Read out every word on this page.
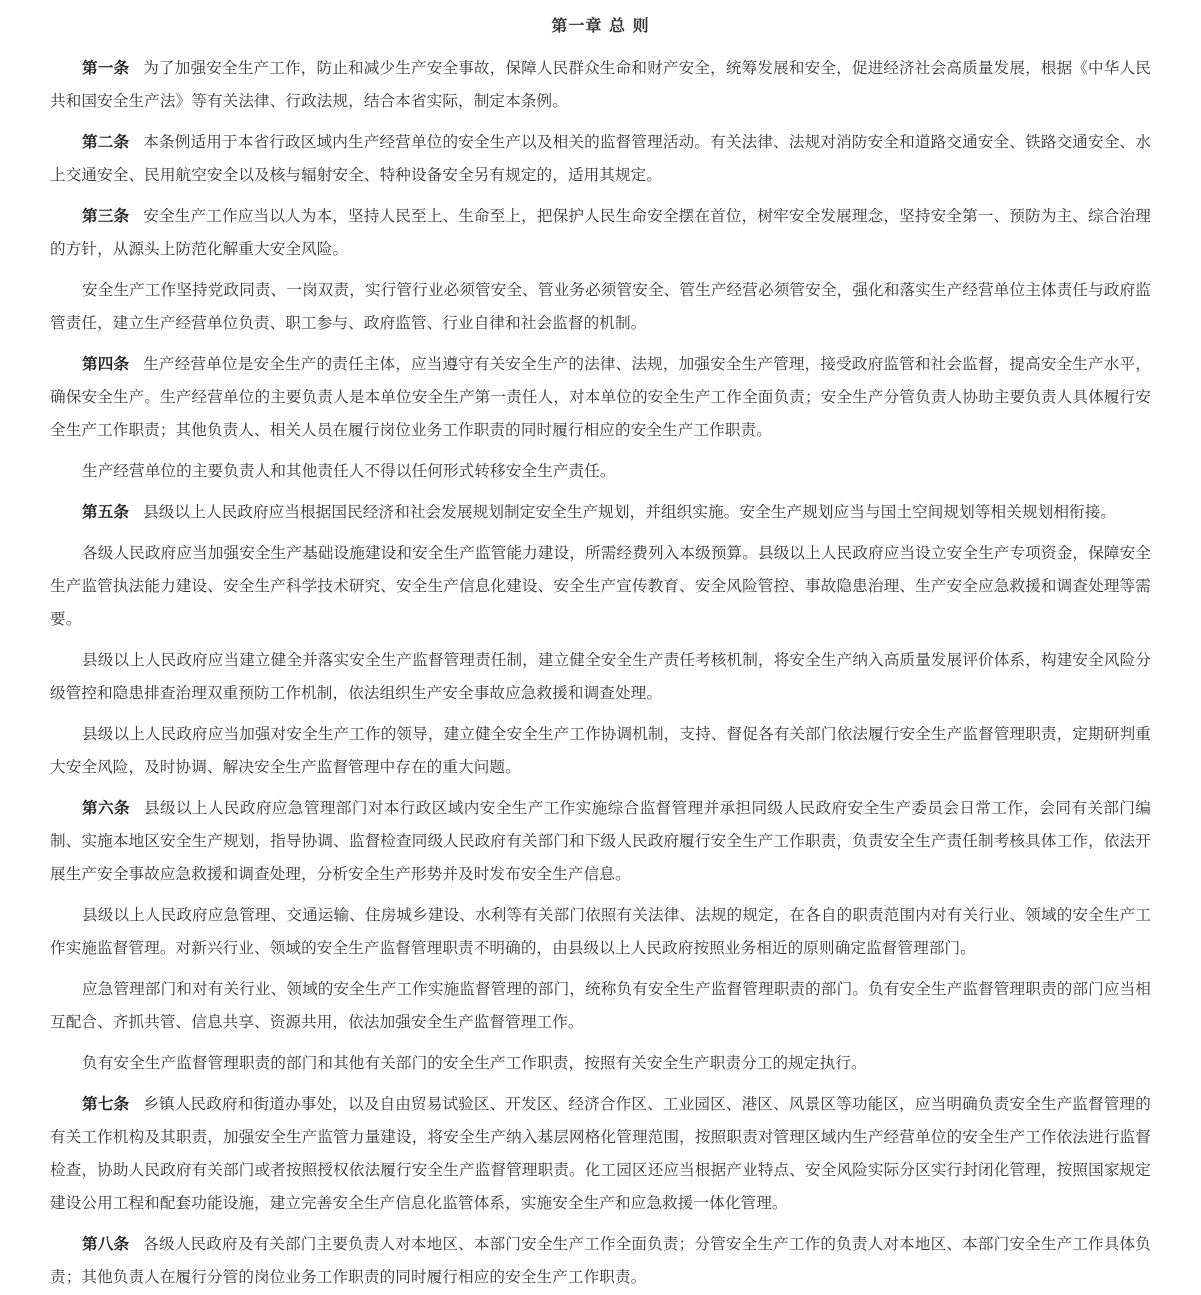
第一章 总 则

第一条 为了加强安全生产工作，防止和减少生产安全事故，保障人民群众生命和财产安全，统筹发展和安全，促进经济社会高质量发展，根据《中华人民共和国安全生产法》等有关法律、行政法规，结合本省实际，制定本条例。

第二条 本条例适用于本省行政区域内生产经营单位的安全生产以及相关的监督管理活动。有关法律、法规对消防安全和道路交通安全、铁路交通安全、水上交通安全、民用航空安全以及核与辐射安全、特种设备安全另有规定的，适用其规定。

第三条 安全生产工作应当以人为本，坚持人民至上、生命至上，把保护人民生命安全摆在首位，树牢安全发展理念，坚持安全第一、预防为主、综合治理的方针，从源头上防范化解重大安全风险。

安全生产工作坚持党政同责、一岗双责，实行管行业必须管安全、管业务必须管安全、管生产经营必须管安全，强化和落实生产经营单位主体责任与政府监管责任，建立生产经营单位负责、职工参与、政府监管、行业自律和社会监督的机制。

第四条 生产经营单位是安全生产的责任主体，应当遵守有关安全生产的法律、法规，加强安全生产管理，接受政府监管和社会监督，提高安全生产水平，确保安全生产。生产经营单位的主要负责人是本单位安全生产第一责任人，对本单位的安全生产工作全面负责；安全生产分管负责人协助主要负责人具体履行安全生产工作职责；其他负责人、相关人员在履行岗位业务工作职责的同时履行相应的安全生产工作职责。

生产经营单位的主要负责人和其他责任人不得以任何形式转移安全生产责任。

第五条 县级以上人民政府应当根据国民经济和社会发展规划制定安全生产规划，并组织实施。安全生产规划应当与国土空间规划等相关规划相衔接。

各级人民政府应当加强安全生产基础设施建设和安全生产监管能力建设，所需经费列入本级预算。县级以上人民政府应当设立安全生产专项资金，保障安全生产监管执法能力建设、安全生产科学技术研究、安全生产信息化建设、安全生产宣传教育、安全风险管控、事故隐患治理、生产安全应急救援和调查处理等需要。

县级以上人民政府应当建立健全并落实安全生产监督管理责任制，建立健全安全生产责任考核机制，将安全生产纳入高质量发展评价体系，构建安全风险分级管控和隐患排查治理双重预防工作机制，依法组织生产安全事故应急救援和调查处理。

县级以上人民政府应当加强对安全生产工作的领导，建立健全安全生产工作协调机制，支持、督促各有关部门依法履行安全生产监督管理职责，定期研判重大安全风险，及时协调、解决安全生产监督管理中存在的重大问题。

第六条 县级以上人民政府应急管理部门对本行政区域内安全生产工作实施综合监督管理并承担同级人民政府安全生产委员会日常工作，会同有关部门编制、实施本地区安全生产规划，指导协调、监督检查同级人民政府有关部门和下级人民政府履行安全生产工作职责，负责安全生产责任制考核具体工作，依法开展生产安全事故应急救援和调查处理，分析安全生产形势并及时发布安全生产信息。

县级以上人民政府应急管理、交通运输、住房城乡建设、水利等有关部门依照有关法律、法规的规定，在各自的职责范围内对有关行业、领域的安全生产工作实施监督管理。对新兴行业、领域的安全生产监督管理职责不明确的，由县级以上人民政府按照业务相近的原则确定监督管理部门。

应急管理部门和对有关行业、领域的安全生产工作实施监督管理的部门，统称负有安全生产监督管理职责的部门。负有安全生产监督管理职责的部门应当相互配合、齐抓共管、信息共享、资源共用，依法加强安全生产监督管理工作。

负有安全生产监督管理职责的部门和其他有关部门的安全生产工作职责，按照有关安全生产职责分工的规定执行。

第七条 乡镇人民政府和街道办事处，以及自由贸易试验区、开发区、经济合作区、工业园区、港区、风景区等功能区，应当明确负责安全生产监督管理的有关工作机构及其职责，加强安全生产监管力量建设，将安全生产纳入基层网格化管理范围，按照职责对管理区域内生产经营单位的安全生产工作依法进行监督检查，协助人民政府有关部门或者按照授权依法履行安全生产监督管理职责。化工园区还应当根据产业特点、安全风险实际分区实行封闭化管理，按照国家规定建设公用工程和配套功能设施，建立完善安全生产信息化监管体系，实施安全生产和应急救援一体化管理。

第八条 各级人民政府及有关部门主要负责人对本地区、本部门安全生产工作全面负责；分管安全生产工作的负责人对本地区、本部门安全生产工作具体负责；其他负责人在履行分管的岗位业务工作职责的同时履行相应的安全生产工作职责。
